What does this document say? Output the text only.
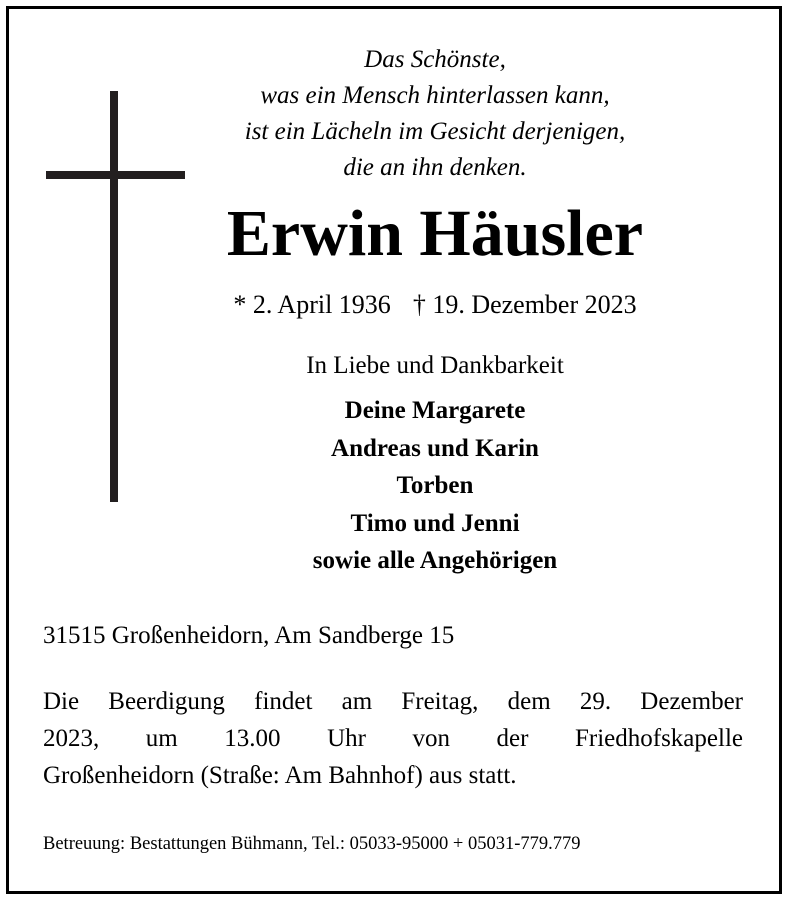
Das Schönste,
was ein Mensch hinterlassen kann,
ist ein Lächeln im Gesicht derjenigen,
die an ihn denken.
Erwin Häusler
* 2. April 1936 † 19. Dezember 2023
In Liebe und Dankbarkeit
Deine Margarete
Andreas und Karin
Torben
Timo und Jenni
sowie alle Angehörigen
31515 Großenheidorn, Am Sandberge 15
Die Beerdigung findet am Freitag, dem 29. Dezember
2023, um 13.00 Uhr von der Friedhofskapelle
Großenheidorn (Straße: Am Bahnhof) aus statt.
Betreuung: Bestattungen Bühmann, Tel.: 05033-95000 + 05031-779.779
